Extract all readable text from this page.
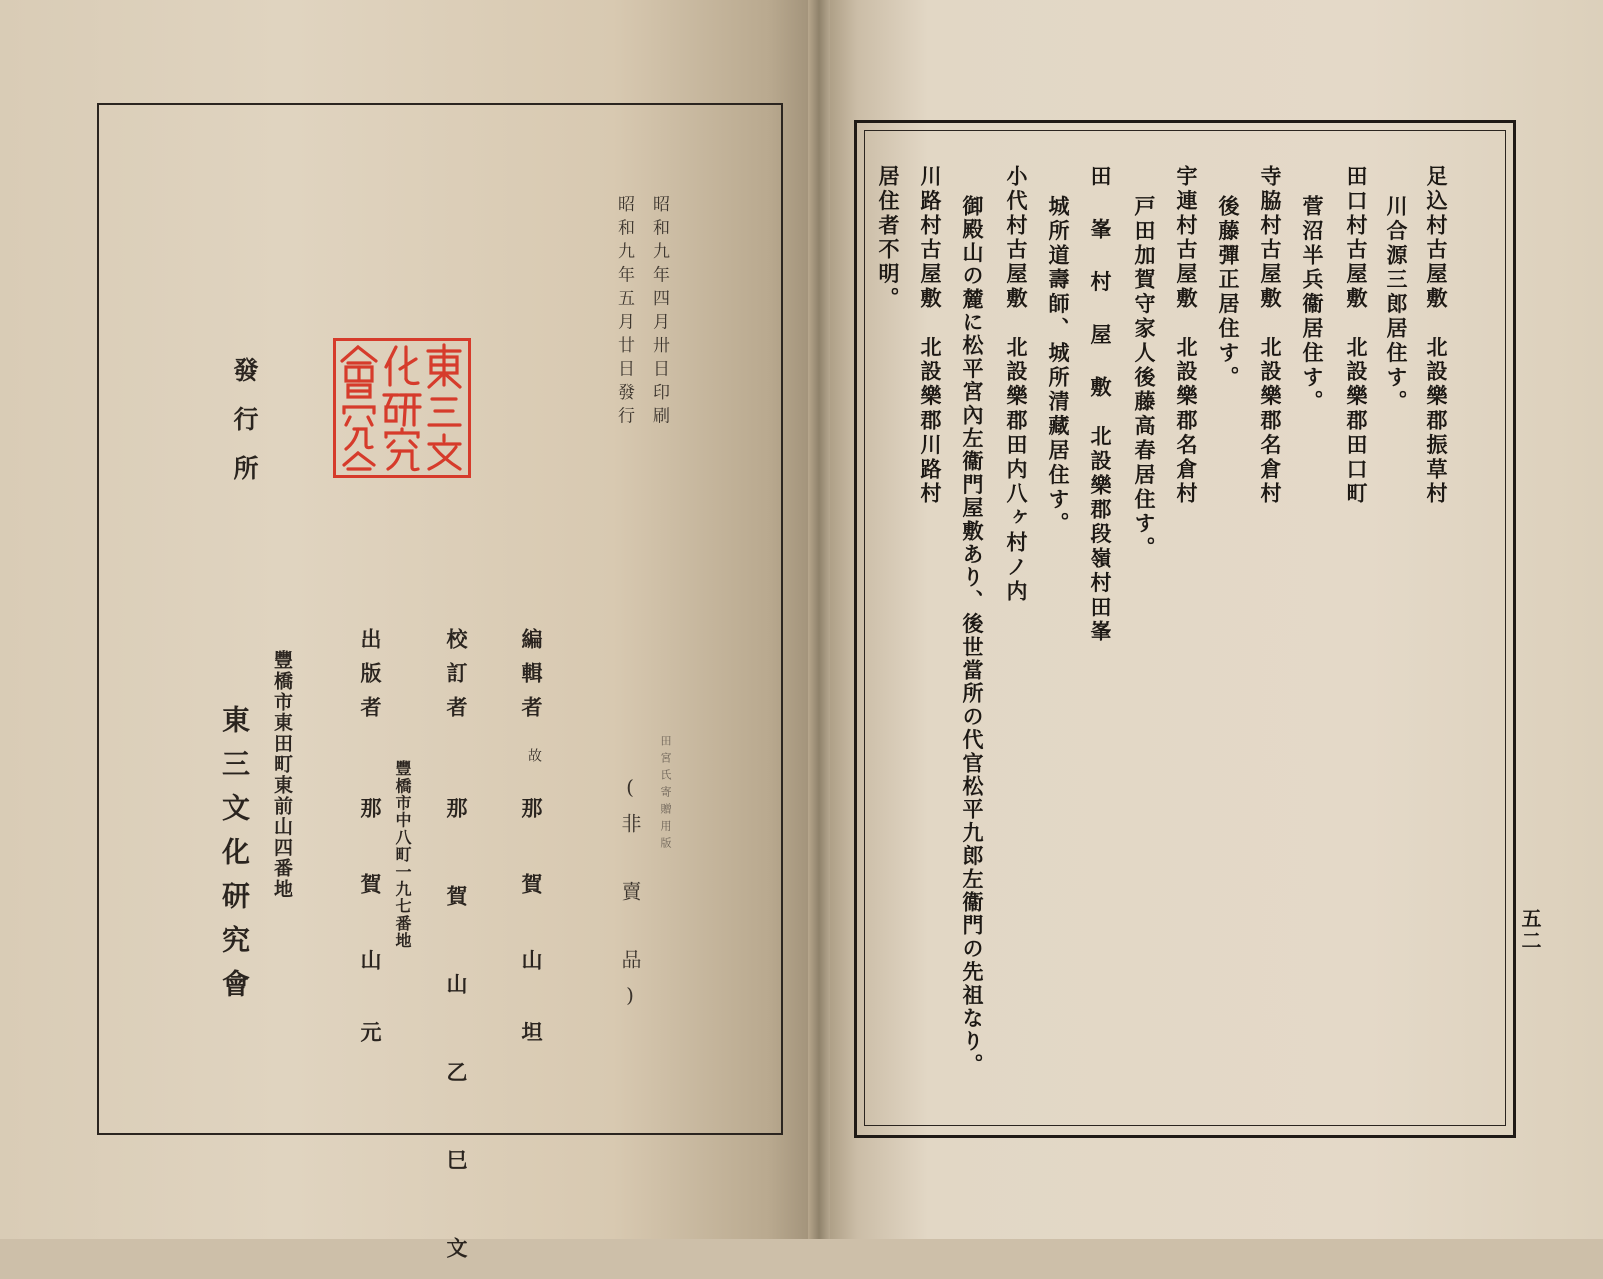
昭和九年四月卅日印刷
昭和九年五月廿日發行
發行所
田宮氏寄贈用版
(非　賣　品)
編輯者
故
那 賀 山　坦
校訂者
那 賀 山 乙 巳 文
出版者
豐橋市中八町一九七番地
那 賀 山　元
豐橋市東田町東前山四番地
東三文化研究會
足込村古屋敷　北設樂郡振草村
川合源三郎居住す。
田口村古屋敷　北設樂郡田口町
菅沼半兵衞居住す。
寺脇村古屋敷　北設樂郡名倉村
後藤彈正居住す。
宇連村古屋敷　北設樂郡名倉村
戸田加賀守家人後藤高春居住す。
田 峯 村 屋 敷　北設樂郡段嶺村田峯
城所道壽師、城所清藏居住す。
小代村古屋敷　北設樂郡田内八ヶ村ノ内
御殿山の麓に松平宮內左衞門屋敷あり、後世當所の代官松平九郎左衞門の先祖なり。
川路村古屋敷　北設樂郡川路村
居住者不明。
五二
